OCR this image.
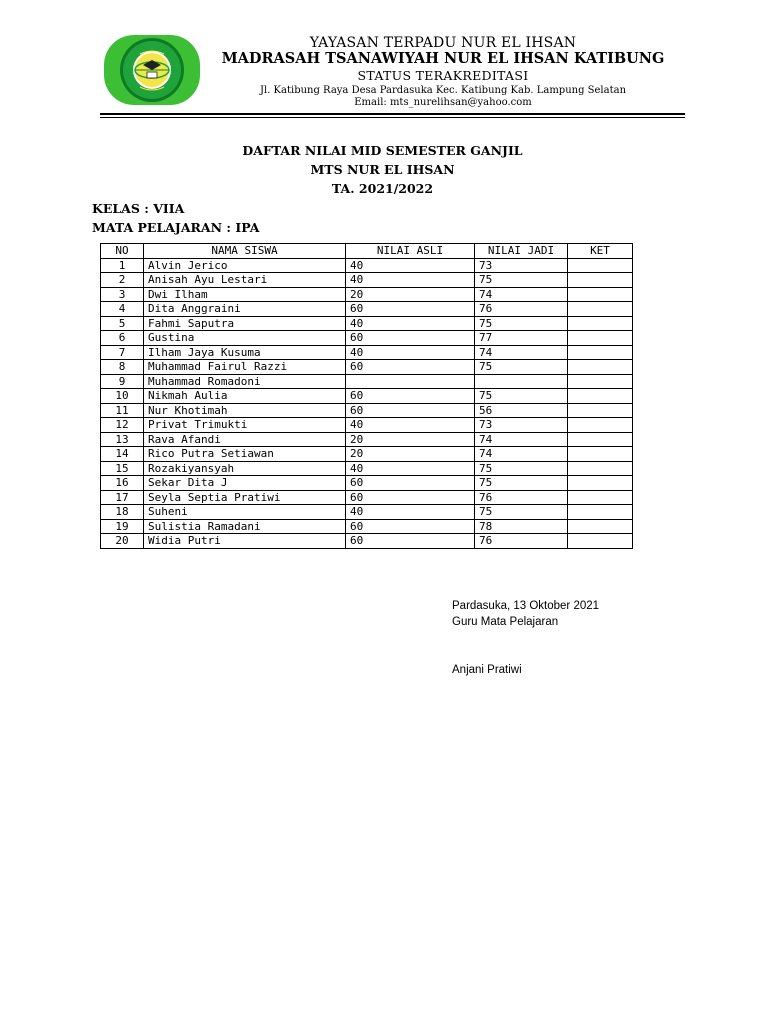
YAYASAN TERPADU NUR EL IHSAN
MADRASAH TSANAWIYAH NUR EL IHSAN KATIBUNG
STATUS TERAKREDITASI
Jl. Katibung Raya Desa Pardasuka Kec. Katibung Kab. Lampung Selatan
Email: mts_nurelihsan@yahoo.com
DAFTAR NILAI MID SEMESTER GANJIL
MTS NUR EL IHSAN
TA. 2021/2022
KELAS : VIIA
MATA PELAJARAN : IPA
NO	NAMA SISWA	NILAI ASLI	NILAI JADI	KET
1	Alvin Jerico	40	73	
2	Anisah Ayu Lestari	40	75	
3	Dwi Ilham	20	74	
4	Dita Anggraini	60	76	
5	Fahmi Saputra	40	75	
6	Gustina	60	77	
7	Ilham Jaya Kusuma	40	74	
8	Muhammad Fairul Razzi	60	75	
9	Muhammad Romadoni			
10	Nikmah Aulia	60	75	
11	Nur Khotimah	60	56	
12	Privat Trimukti	40	73	
13	Rava Afandi	20	74	
14	Rico Putra Setiawan	20	74	
15	Rozakiyansyah	40	75	
16	Sekar Dita J	60	75	
17	Seyla Septia Pratiwi	60	76	
18	Suheni	40	75	
19	Sulistia Ramadani	60	78	
20	Widia Putri	60	76	
Pardasuka, 13 Oktober 2021
Guru Mata Pelajaran
Anjani Pratiwi
